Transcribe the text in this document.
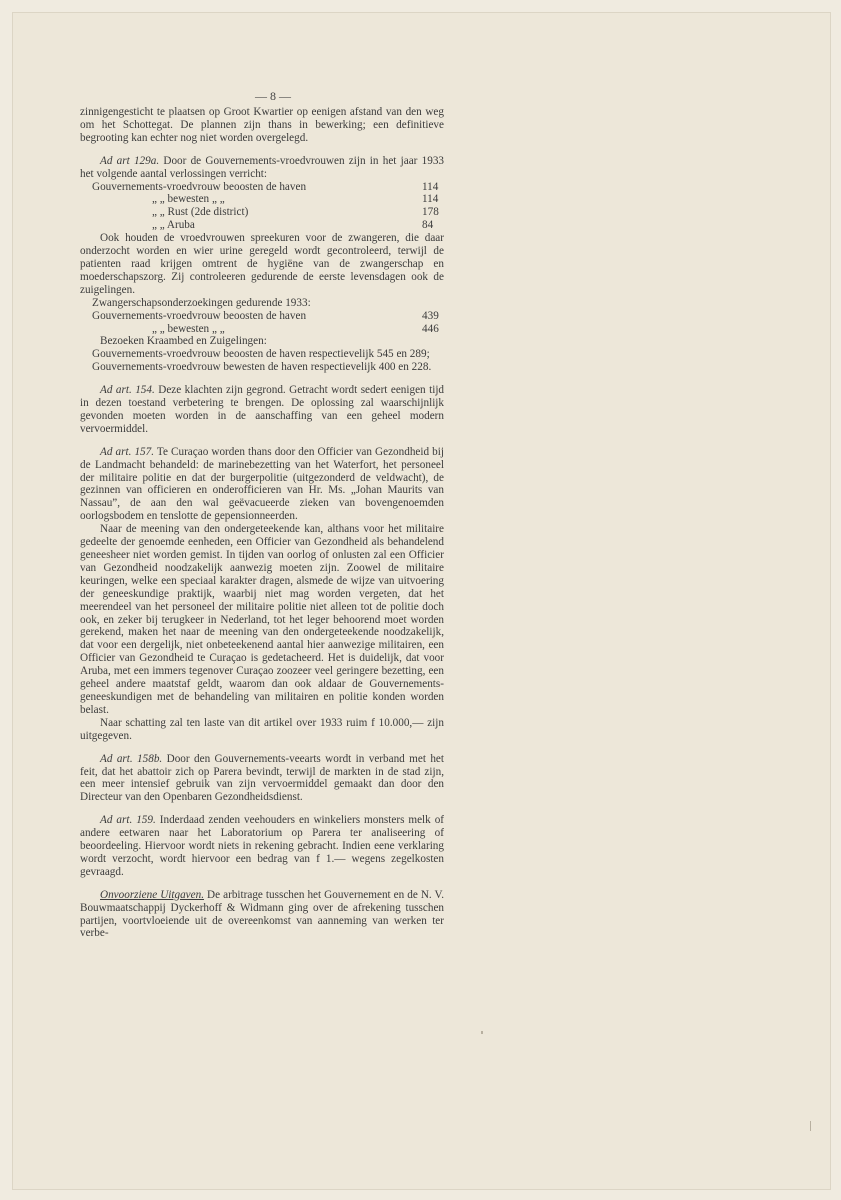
— 8 —

zinnigengesticht te plaatsen op Groot Kwartier op eenigen afstand van den weg om het Schottegat. De plannen zijn thans in bewerking; een definitieve begrooting kan echter nog niet worden overgelegd.

Ad art 129a. Door de Gouvernements-vroedvrouwen zijn in het jaar 1933 het volgende aantal verlossingen verricht:

Gouvernements-vroedvrouw beoosten de haven	114
„ „ bewesten „ „	114
„ „ Rust (2de district)	178
„ „ Aruba	84

Ook houden de vroedvrouwen spreekuren voor de zwangeren, die daar onderzocht worden en wier urine geregeld wordt gecontroleerd, terwijl de patienten raad krijgen omtrent de hygiëne van de zwangerschap en moederschapszorg. Zij controleeren gedurende de eerste levensdagen ook de zuigelingen.

Zwangerschapsonderzoekingen gedurende 1933:

Gouvernements-vroedvrouw beoosten de haven	439
„ „ bewesten „ „	446

Bezoeken Kraambed en Zuigelingen:

Gouvernements-vroedvrouw beoosten de haven respectievelijk 545 en 289;

Gouvernements-vroedvrouw bewesten de haven respectievelijk 400 en 228.

Ad art. 154. Deze klachten zijn gegrond. Getracht wordt sedert eenigen tijd in dezen toestand verbetering te brengen. De oplossing zal waarschijnlijk gevonden moeten worden in de aanschaffing van een geheel modern vervoermiddel.

Ad art. 157. Te Curaçao worden thans door den Officier van Gezondheid bij de Landmacht behandeld: de marinebezetting van het Waterfort, het personeel der militaire politie en dat der burgerpolitie (uitgezonderd de veldwacht), de gezinnen van officieren en onderofficieren van Hr. Ms. „Johan Maurits van Nassau”, de aan den wal geëvacueerde zieken van bovengenoemden oorlogsbodem en tenslotte de gepensionneerden.

Naar de meening van den ondergeteekende kan, althans voor het militaire gedeelte der genoemde eenheden, een Officier van Gezondheid als behandelend geneesheer niet worden gemist. In tijden van oorlog of onlusten zal een Officier van Gezondheid noodzakelijk aanwezig moeten zijn. Zoowel de militaire keuringen, welke een speciaal karakter dragen, alsmede de wijze van uitvoering der geneeskundige praktijk, waarbij niet mag worden vergeten, dat het meerendeel van het personeel der militaire politie niet alleen tot de politie doch ook, en zeker bij terugkeer in Nederland, tot het leger behoorend moet worden gerekend, maken het naar de meening van den ondergeteekende noodzakelijk, dat voor een dergelijk, niet onbeteekenend aantal hier aanwezige militairen, een Officier van Gezondheid te Curaçao is gedetacheerd. Het is duidelijk, dat voor Aruba, met een immers tegenover Curaçao zoozeer veel geringere bezetting, een geheel andere maatstaf geldt, waarom dan ook aldaar de Gouvernements-geneeskundigen met de behandeling van militairen en politie konden worden belast.

Naar schatting zal ten laste van dit artikel over 1933 ruim f 10.000,— zijn uitgegeven.

Ad art. 158b. Door den Gouvernements-veearts wordt in verband met het feit, dat het abattoir zich op Parera bevindt, terwijl de markten in de stad zijn, een meer intensief gebruik van zijn vervoermiddel gemaakt dan door den Directeur van den Openbaren Gezondheidsdienst.

Ad art. 159. Inderdaad zenden veehouders en winkeliers monsters melk of andere eetwaren naar het Laboratorium op Parera ter analiseering of beoordeeling. Hiervoor wordt niets in rekening gebracht. Indien eene verklaring wordt verzocht, wordt hiervoor een bedrag van f 1.— wegens zegelkosten gevraagd.

Onvoorziene Uitgaven. De arbitrage tusschen het Gouvernement en de N. V. Bouwmaatschappij Dyckerhoff & Widmann ging over de afrekening tusschen partijen, voortvloeiende uit de overeenkomst van aanneming van werken ter verbe-
